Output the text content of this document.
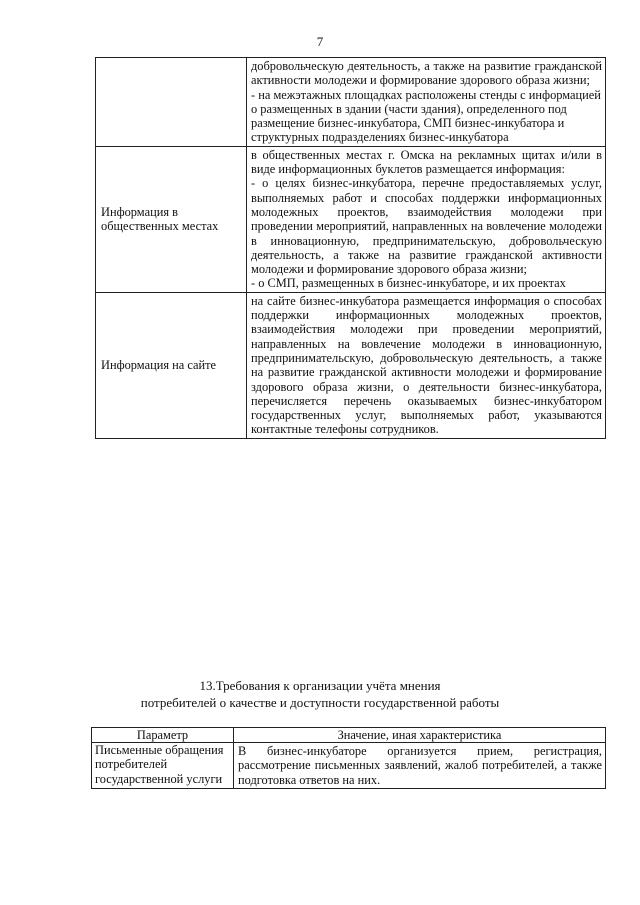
7

	добровольческую деятельность, а также на развитие гражданской активности молодежи и формирование здорового образа жизни;

- на межэтажных площадках расположены стенды с информацией о размещенных в здании (части здания), определенного под размещение бизнес-инкубатора, СМП бизнес-инкубатора и структурных подразделениях бизнес-инкубатора

Информация в общественных местах	в общественных местах г. Омска на рекламных щитах и/или в виде информационных буклетов размещается информация:

- о целях бизнес-инкубатора, перечне предоставляемых услуг, выполняемых работ и способах поддержки информационных молодежных проектов, взаимодействия молодежи при проведении мероприятий, направленных на вовлечение молодежи в инновационную, предпринимательскую, добровольческую деятельность, а также на развитие гражданской активности молодежи и формирование здорового образа жизни;

- о СМП, размещенных в бизнес-инкубаторе, и их проектах

Информация на сайте	на сайте бизнес-инкубатора размещается информация о способах поддержки информационных молодежных проектов, взаимодействия молодежи при проведении мероприятий, направленных на вовлечение молодежи в инновационную, предпринимательскую, добровольческую деятельность, а также на развитие гражданской активности молодежи и формирование здорового образа жизни, о деятельности бизнес-инкубатора, перечисляется перечень оказываемых бизнес-инкубатором государственных услуг, выполняемых работ, указываются контактные телефоны сотрудников.

13.Требования к организации учёта мнения
потребителей о качестве и доступности государственной работы
Параметр	Значение, иная характеристика
Письменные обращения потребителей государственной услуги	В бизнес-инкубаторе организуется прием, регистрация, рассмотрение письменных заявлений, жалоб потребителей, а также подготовка ответов на них.
